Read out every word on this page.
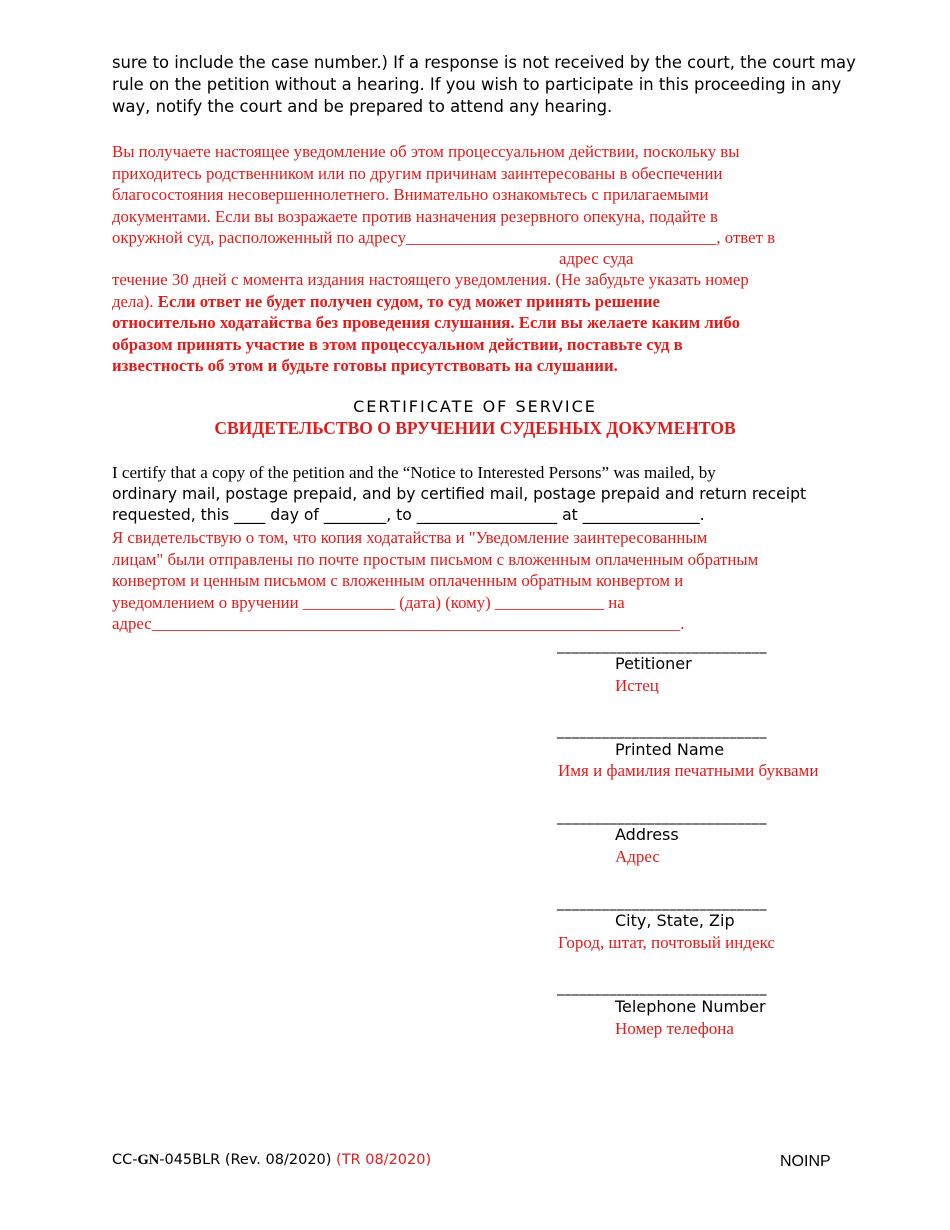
sure to include the case number.) If a response is not received by the court, the court may
rule on the petition without a hearing. If you wish to participate in this proceeding in any
way, notify the court and be prepared to attend any hearing.
Вы получаете настоящее уведомление об этом процессуальном действии, поскольку вы
приходитесь родственником или по другим причинам заинтересованы в обеспечении
благосостояния несовершеннолетнего. Внимательно ознакомьтесь с прилагаемыми
документами. Если вы возражаете против назначения резервного опекуна, подайте в
окружной суд, расположенный по адресу_____________________________________, ответ в
адрес суда
течение 30 дней с момента издания настоящего уведомления. (Не забудьте указать номер
дела). Если ответ не будет получен судом, то суд может принять решение
относительно ходатайства без проведения слушания. Если вы желаете каким либо
образом принять участие в этом процессуальном действии, поставьте суд в
известность об этом и будьте готовы присутствовать на слушании.
CERTIFICATE OF SERVICE
СВИДЕТЕЛЬСТВО О ВРУЧЕНИИ СУДЕБНЫХ ДОКУМЕНТОВ
I certify that a copy of the petition and the “Notice to Interested Persons” was mailed, by
ordinary mail, postage prepaid, and by certified mail, postage prepaid and return receipt
requested, this ____ day of ________, to __________________ at _______________.
Я свидетельствую о том, что копия ходатайства и "Уведомление заинтересованным
лицам" были отправлены по почте простым письмом с вложенным оплаченным обратным
конвертом и ценным письмом с вложенным оплаченным обратным конвертом и
уведомлением о вручении ___________ (дата) (кому) _____________ на
адрес_______________________________________________________________.
____________________________
Petitioner
Истец
____________________________
Printed Name
Имя и фамилия печатными буквами
____________________________
Address
Адрес
____________________________
City, State, Zip
Город, штат, почтовый индекс
____________________________
Telephone Number
Номер телефона
CC-GN-045BLR (Rev. 08/2020) (TR 08/2020)	NOINP
